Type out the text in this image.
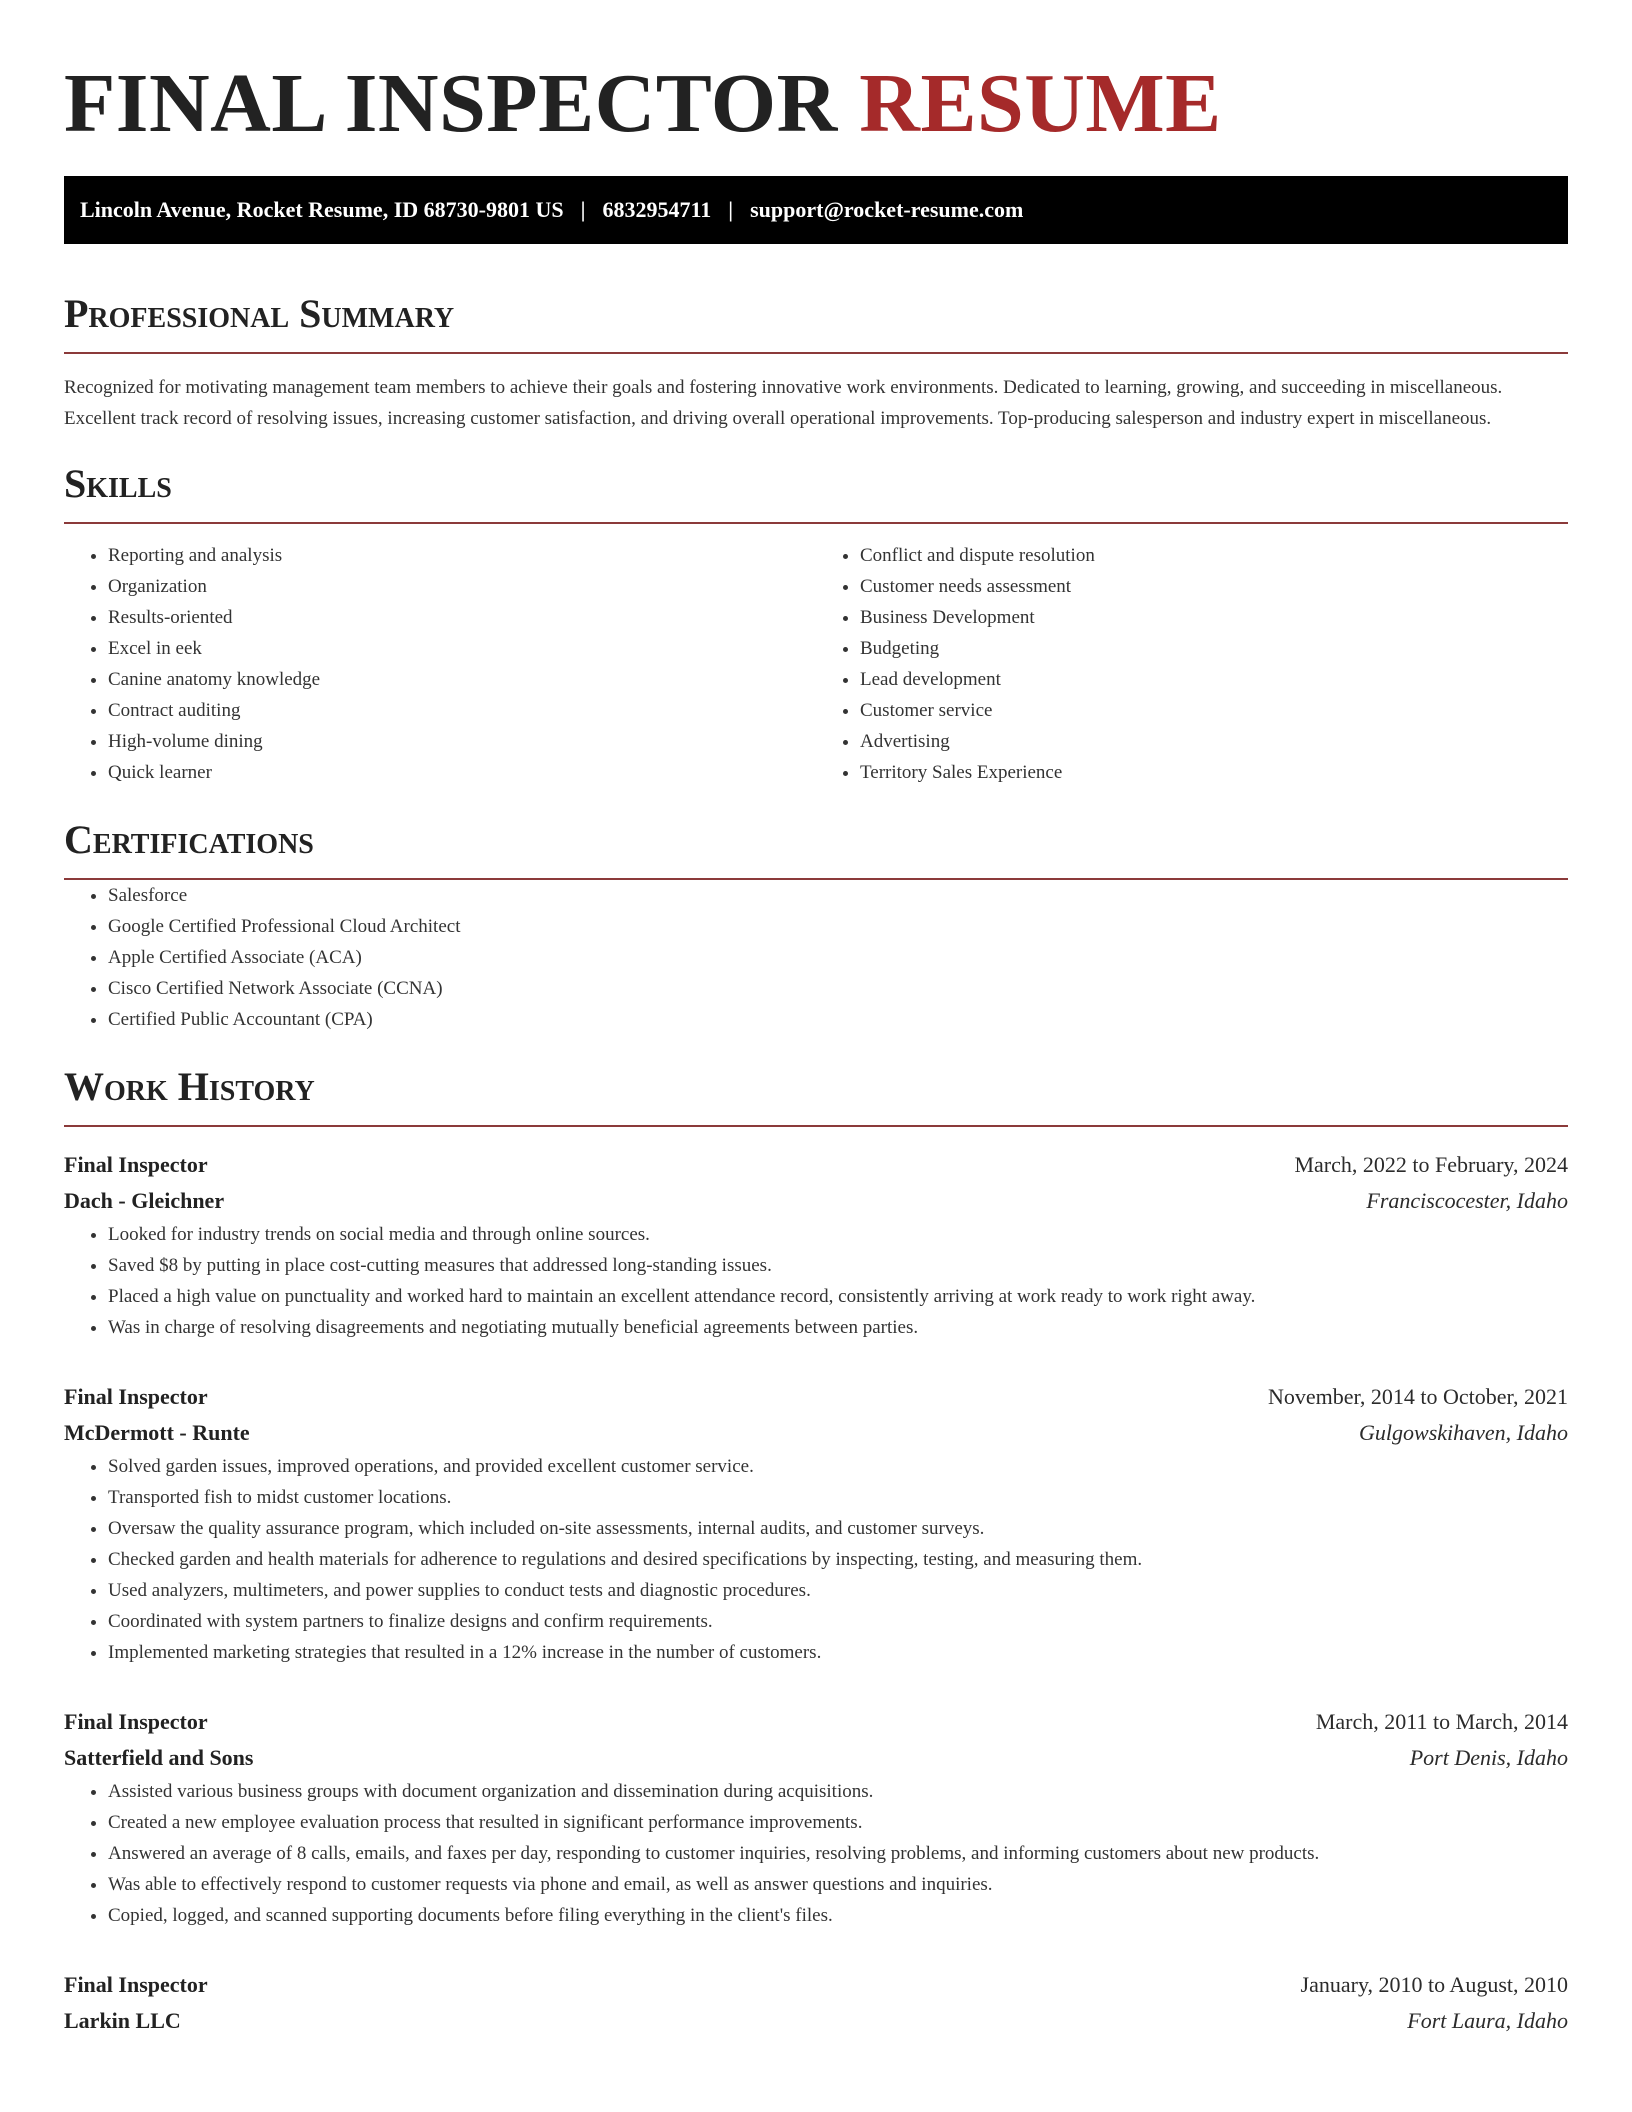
FINAL INSPECTOR RESUME
Lincoln Avenue, Rocket Resume, ID 68730-9801 US | 6832954711 | support@rocket-resume.com
Professional Summary

Recognized for motivating management team members to achieve their goals and fostering innovative work environments. Dedicated to learning, growing, and succeeding in miscellaneous. Excellent track record of resolving issues, increasing customer satisfaction, and driving overall operational improvements. Top-producing salesperson and industry expert in miscellaneous.

Skills
• Reporting and analysis
• Organization
• Results-oriented
• Excel in eek
• Canine anatomy knowledge
• Contract auditing
• High-volume dining
• Quick learner
• Conflict and dispute resolution
• Customer needs assessment
• Business Development
• Budgeting
• Lead development
• Customer service
• Advertising
• Territory Sales Experience
Certifications
• Salesforce
• Google Certified Professional Cloud Architect
• Apple Certified Associate (ACA)
• Cisco Certified Network Associate (CCNA)
• Certified Public Accountant (CPA)
Work History
Final Inspector	March, 2022 to February, 2024
Dach - Gleichner	Franciscocester, Idaho
• Looked for industry trends on social media and through online sources.
• Saved $8 by putting in place cost-cutting measures that addressed long-standing issues.
• Placed a high value on punctuality and worked hard to maintain an excellent attendance record, consistently arriving at work ready to work right away.
• Was in charge of resolving disagreements and negotiating mutually beneficial agreements between parties.
Final Inspector	November, 2014 to October, 2021
McDermott - Runte	Gulgowskihaven, Idaho
• Solved garden issues, improved operations, and provided excellent customer service.
• Transported fish to midst customer locations.
• Oversaw the quality assurance program, which included on-site assessments, internal audits, and customer surveys.
• Checked garden and health materials for adherence to regulations and desired specifications by inspecting, testing, and measuring them.
• Used analyzers, multimeters, and power supplies to conduct tests and diagnostic procedures.
• Coordinated with system partners to finalize designs and confirm requirements.
• Implemented marketing strategies that resulted in a 12% increase in the number of customers.
Final Inspector	March, 2011 to March, 2014
Satterfield and Sons	Port Denis, Idaho
• Assisted various business groups with document organization and dissemination during acquisitions.
• Created a new employee evaluation process that resulted in significant performance improvements.
• Answered an average of 8 calls, emails, and faxes per day, responding to customer inquiries, resolving problems, and informing customers about new products.
• Was able to effectively respond to customer requests via phone and email, as well as answer questions and inquiries.
• Copied, logged, and scanned supporting documents before filing everything in the client's files.
Final Inspector	January, 2010 to August, 2010
Larkin LLC	Fort Laura, Idaho
